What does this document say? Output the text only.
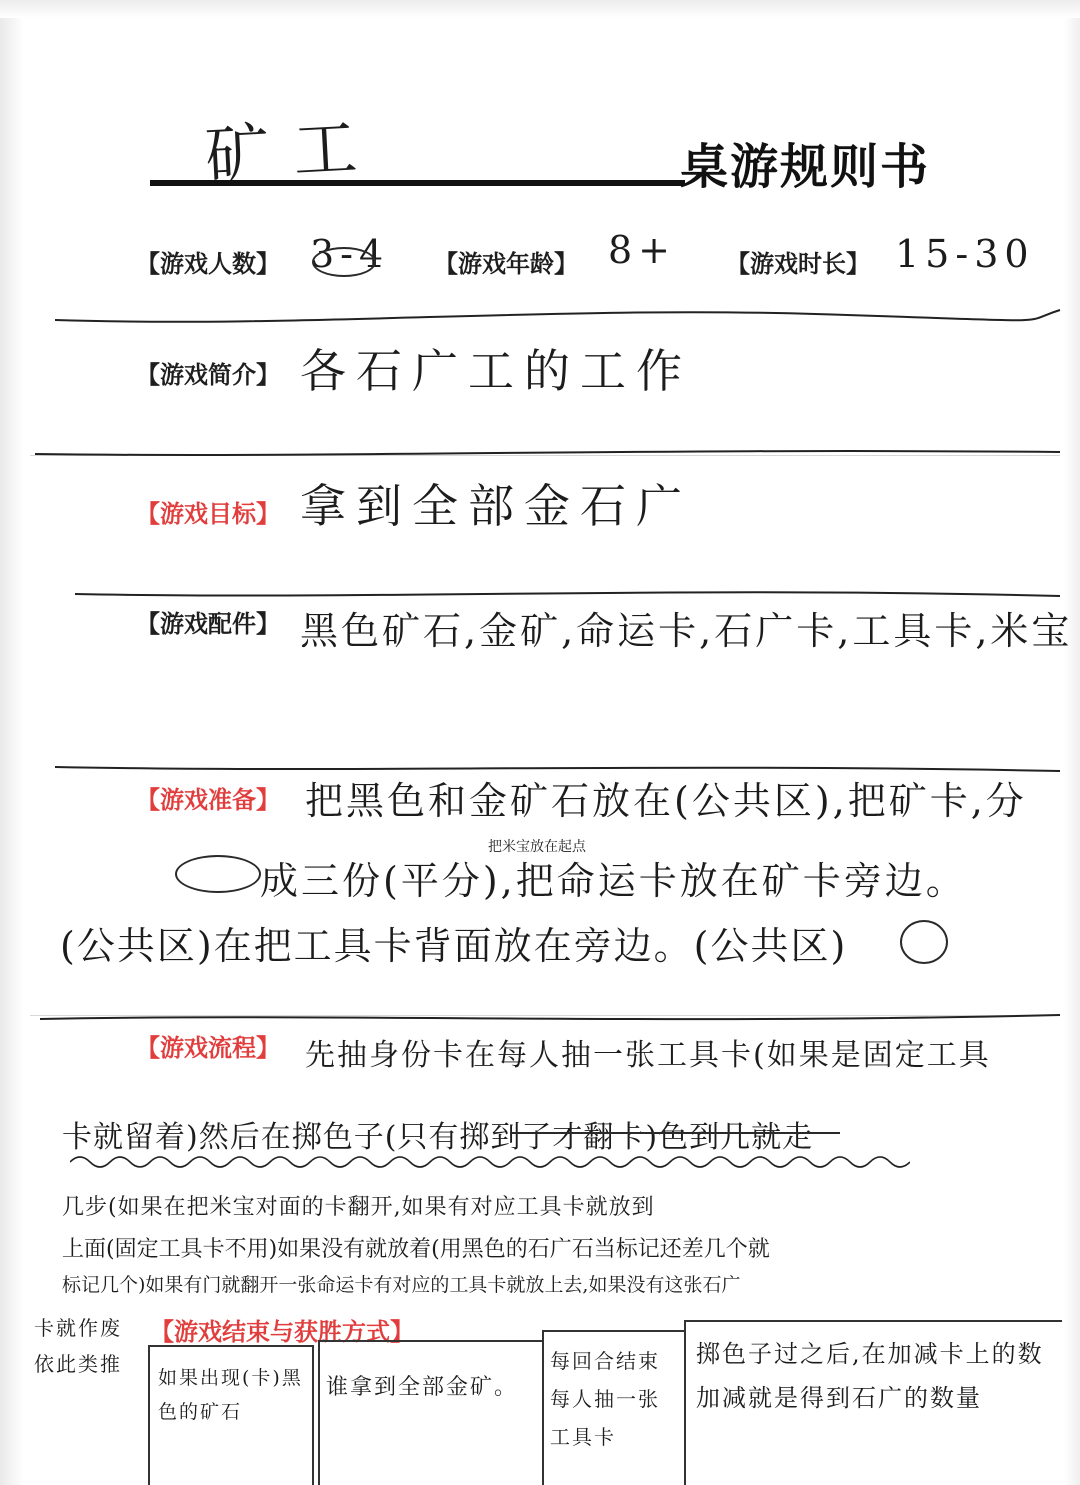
矿工	桌游规则书
【游戏人数】 3-4 【游戏年龄】 8+ 【游戏时长】 15-30
【游戏简介】 各石广工的工作
【游戏目标】 拿到全部金石广
【游戏配件】 黑色矿石,金矿,命运卡,石广卡,工具卡,米宝
【游戏准备】 把黑色和金矿石放在(公共区),把矿卡,分
把米宝放在起点
成三份(平分),把命运卡放在矿卡旁边。
(公共区)在把工具卡背面放在旁边。(公共区)
【游戏流程】 先抽身份卡在每人抽一张工具卡(如果是固定工具
卡就留着)然后在掷色子(只有掷到了才翻卡)色到几就走
几步(如果在把米宝对面的卡翻开,如果有对应工具卡就放到
上面(固定工具卡不用)如果没有就放着(用黑色的石广石当标记还差几个就
标记几个)如果有门就翻开一张命运卡有对应的工具卡就放上去,如果没有这张石广
卡就作废
依此类推
【游戏结束与获胜方式】
如果出现(卡)黑色的矿石
谁拿到全部金矿。
每回合结束每人抽一张工具卡
掷色子过之后,在加减卡上的数加减就是得到石广的数量
